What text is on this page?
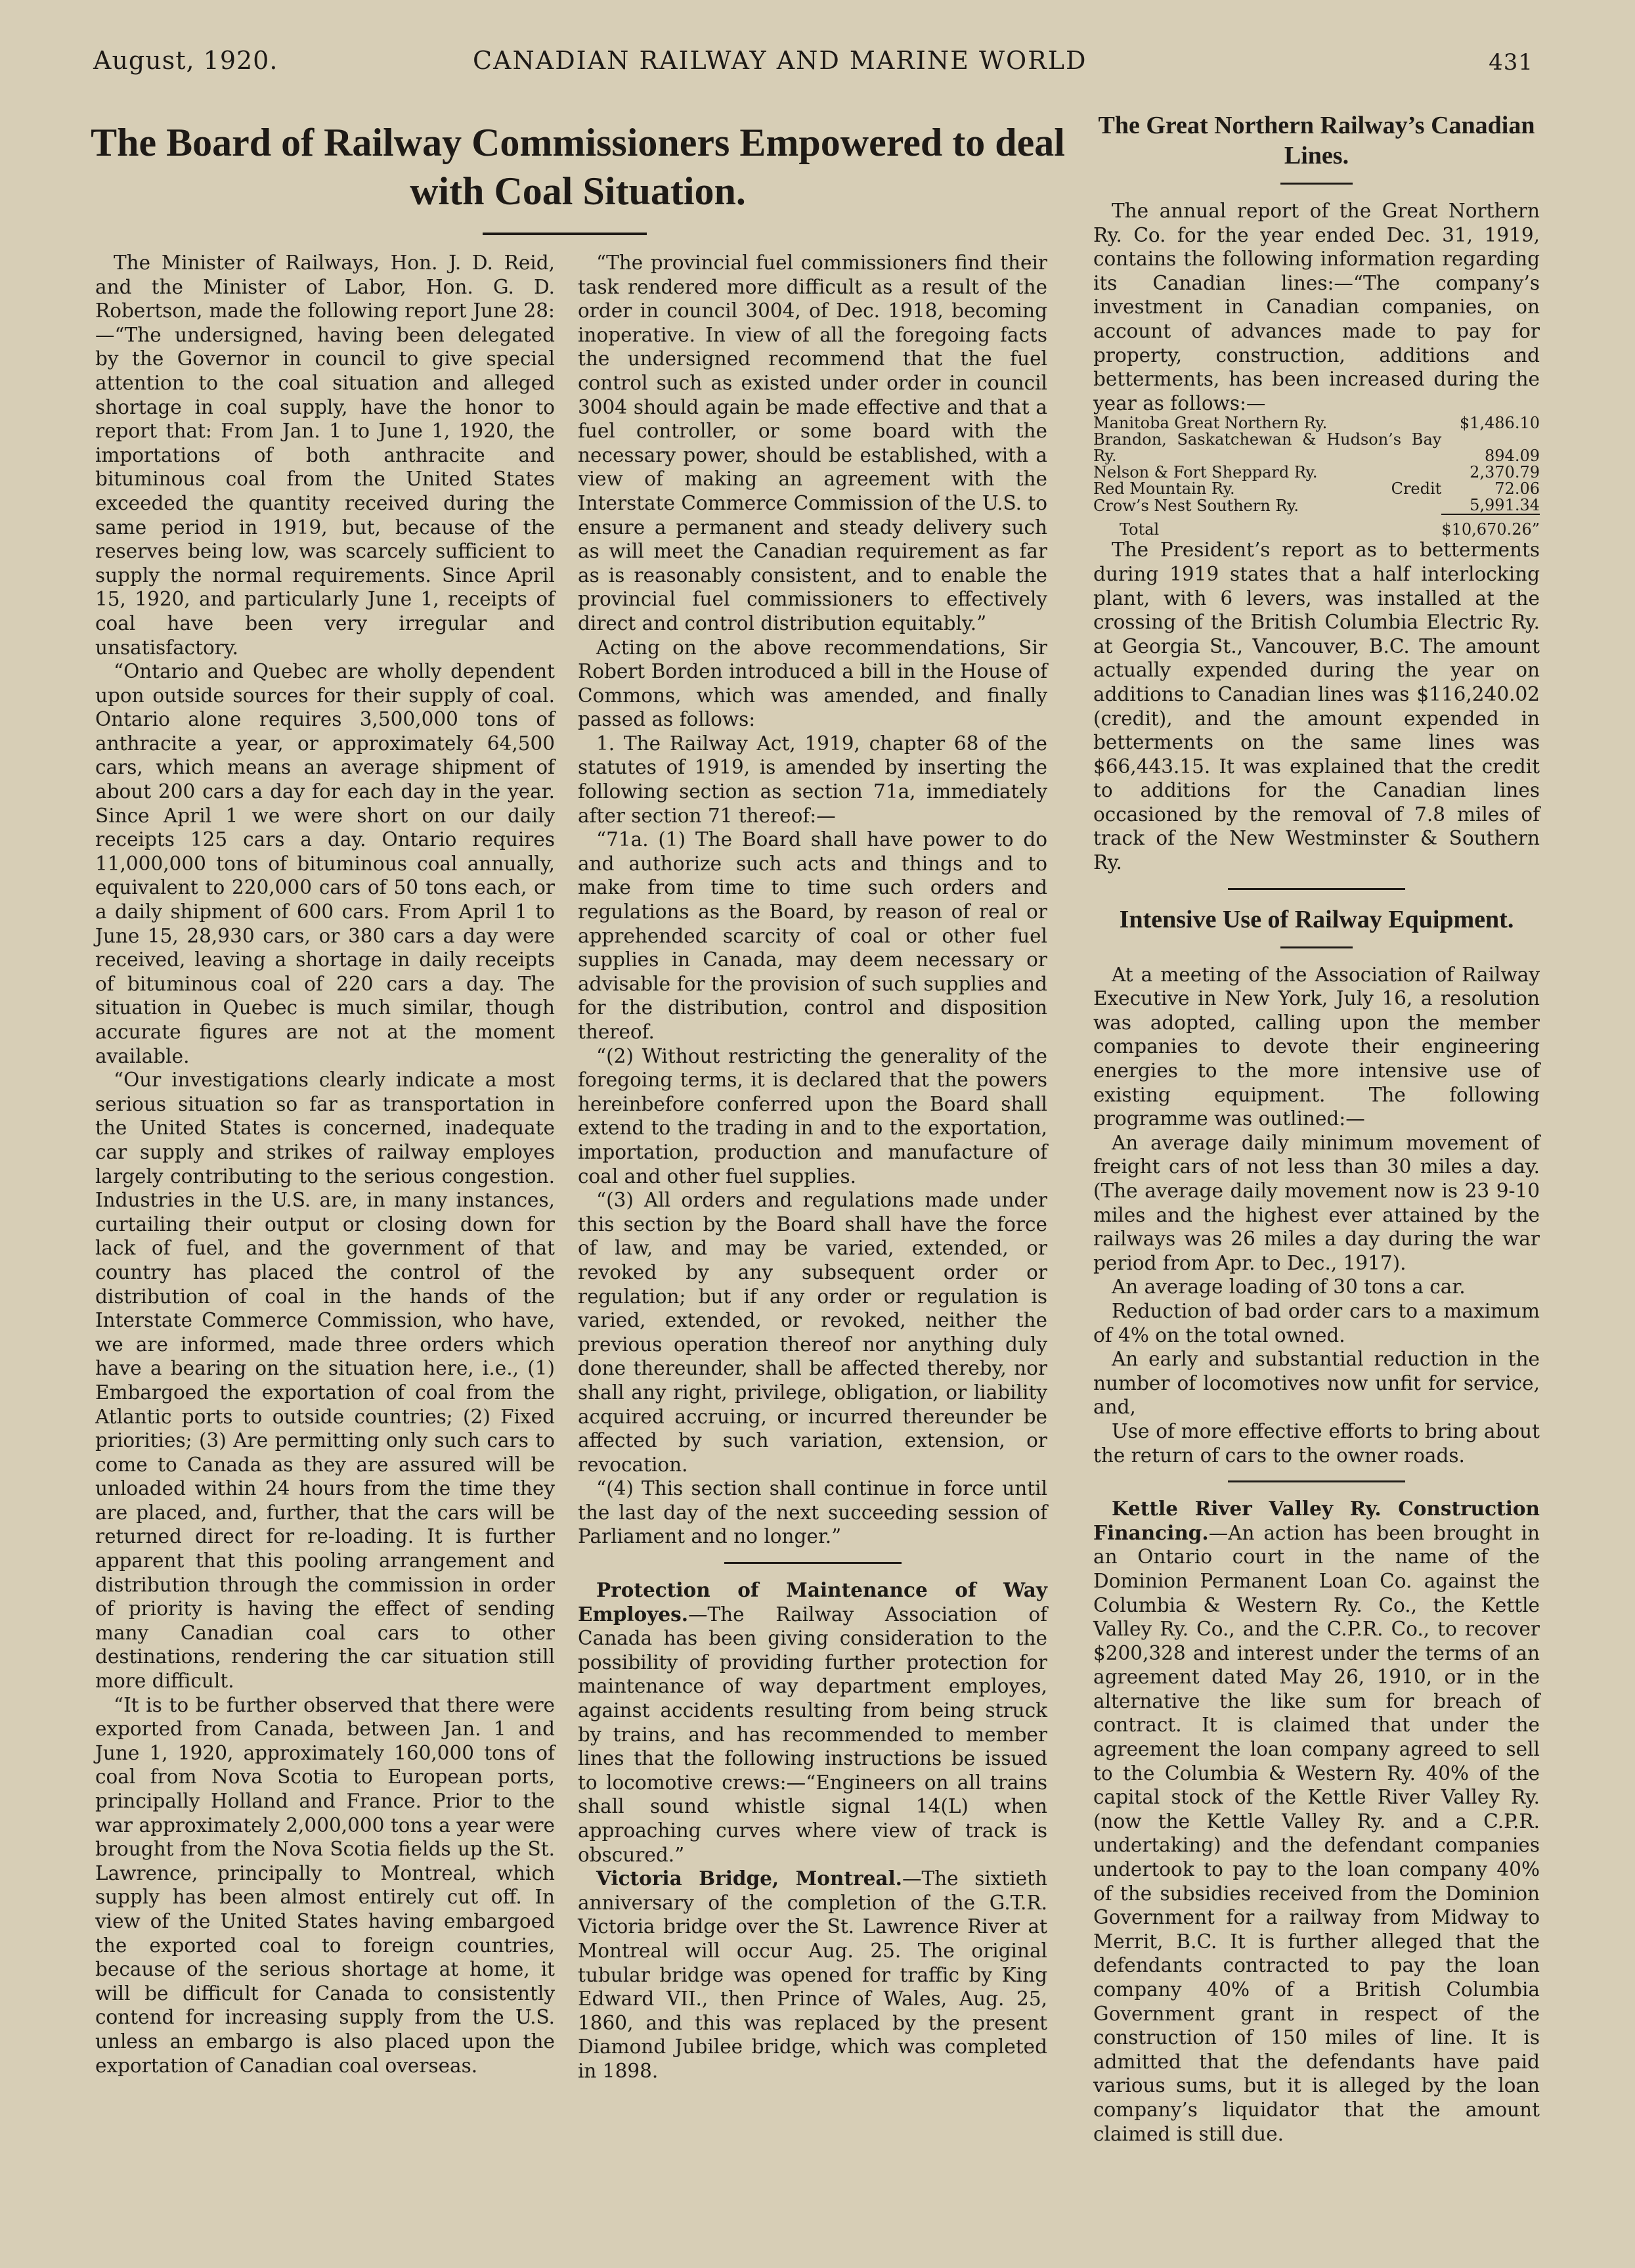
August, 1920.	CANADIAN RAILWAY AND MARINE WORLD	431
The Board of Railway Commissioners Empowered to deal with Coal Situation.

The Minister of Railways, Hon. J. D. Reid, and the Minister of Labor, Hon. G. D. Robertson, made the following report June 28:—“The undersigned, having been delegated by the Governor in council to give special attention to the coal situation and alleged shortage in coal supply, have the honor to report that: From Jan. 1 to June 1, 1920, the importations of both anthracite and bituminous coal from the United States exceeded the quantity received during the same period in 1919, but, because of the reserves being low, was scarcely sufficient to supply the normal requirements. Since April 15, 1920, and particularly June 1, receipts of coal have been very irregular and unsatisfactory.

“Ontario and Quebec are wholly dependent upon outside sources for their supply of coal. Ontario alone requires 3,500,000 tons of anthracite a year, or approximately 64,500 cars, which means an average shipment of about 200 cars a day for each day in the year. Since April 1 we were short on our daily receipts 125 cars a day. Ontario requires 11,000,000 tons of bituminous coal annually, equivalent to 220,000 cars of 50 tons each, or a daily shipment of 600 cars. From April 1 to June 15, 28,930 cars, or 380 cars a day were received, leaving a shortage in daily receipts of bituminous coal of 220 cars a day. The situation in Quebec is much similar, though accurate figures are not at the moment available.

“Our investigations clearly indicate a most serious situation so far as transportation in the United States is concerned, inadequate car supply and strikes of railway employes largely contributing to the serious congestion. Industries in the U.S. are, in many instances, curtailing their output or closing down for lack of fuel, and the government of that country has placed the control of the distribution of coal in the hands of the Interstate Commerce Commission, who have, we are informed, made three orders which have a bearing on the situation here, i.e., (1) Embargoed the exportation of coal from the Atlantic ports to outside countries; (2) Fixed priorities; (3) Are permitting only such cars to come to Canada as they are assured will be unloaded within 24 hours from the time they are placed, and, further, that the cars will be returned direct for re-loading. It is further apparent that this pooling arrangement and distribution through the commission in order of priority is having the effect of sending many Canadian coal cars to other destinations, rendering the car situation still more difficult.

“It is to be further observed that there were exported from Canada, between Jan. 1 and June 1, 1920, approximately 160,000 tons of coal from Nova Scotia to European ports, principally Holland and France. Prior to the war approximately 2,000,000 tons a year were brought from the Nova Scotia fields up the St. Lawrence, principally to Montreal, which supply has been almost entirely cut off. In view of the United States having embargoed the exported coal to foreign countries, because of the serious shortage at home, it will be difficult for Canada to consistently contend for increasing supply from the U.S. unless an embargo is also placed upon the exportation of Canadian coal overseas.

“The provincial fuel commissioners find their task rendered more difficult as a result of the order in council 3004, of Dec. 1918, becoming inoperative. In view of all the foregoing facts the undersigned recommend that the fuel control such as existed under order in council 3004 should again be made effective and that a fuel controller, or some board with the necessary power, should be established, with a view of making an agreement with the Interstate Commerce Commission of the U.S. to ensure a permanent and steady delivery such as will meet the Canadian requirement as far as is reasonably consistent, and to enable the provincial fuel commissioners to effectively direct and control distribution equitably.”

Acting on the above recommendations, Sir Robert Borden introduced a bill in the House of Commons, which was amended, and finally passed as follows:

1. The Railway Act, 1919, chapter 68 of the statutes of 1919, is amended by inserting the following section as section 71a, immediately after section 71 thereof:—

“71a. (1) The Board shall have power to do and authorize such acts and things and to make from time to time such orders and regulations as the Board, by reason of real or apprehended scarcity of coal or other fuel supplies in Canada, may deem necessary or advisable for the provision of such supplies and for the distribution, control and disposition thereof.

“(2) Without restricting the generality of the foregoing terms, it is declared that the powers hereinbefore conferred upon the Board shall extend to the trading in and to the exportation, importation, production and manufacture of coal and other fuel supplies.

“(3) All orders and regulations made under this section by the Board shall have the force of law, and may be varied, extended, or revoked by any subsequent order or regulation; but if any order or regulation is varied, extended, or revoked, neither the previous operation thereof nor anything duly done thereunder, shall be affected thereby, nor shall any right, privilege, obligation, or liability acquired accruing, or incurred thereunder be affected by such variation, extension, or revocation.

“(4) This section shall continue in force until the last day of the next succeeding session of Parliament and no longer.”

Protection of Maintenance of Way Employes.—The Railway Association of Canada has been giving consideration to the possibility of providing further protection for maintenance of way department employes, against accidents resulting from being struck by trains, and has recommended to member lines that the following instructions be issued to locomotive crews:—“Engineers on all trains shall sound whistle signal 14(L) when approaching curves where view of track is obscured.”

Victoria Bridge, Montreal.—The sixtieth anniversary of the completion of the G.T.R. Victoria bridge over the St. Lawrence River at Montreal will occur Aug. 25. The original tubular bridge was opened for traffic by King Edward VII., then Prince of Wales, Aug. 25, 1860, and this was replaced by the present Diamond Jubilee bridge, which was completed in 1898.

The Great Northern Railway’s Canadian Lines.

The annual report of the Great Northern Ry. Co. for the year ended Dec. 31, 1919, contains the following information regarding its Canadian lines:—“The company’s investment in Canadian companies, on account of advances made to pay for property, construction, additions and betterments, has been increased during the year as follows:—

Manitoba Great Northern Ry.	$1,486.10
Brandon, Saskatchewan & Hudson’s Bay Ry.	894.09
Nelson & Fort Sheppard Ry.	2,370.79
Red Mountain Ry. Credit	72.06
Crow’s Nest Southern Ry.	5,991.34
Total	$10,670.26”

The President’s report as to betterments during 1919 states that a half interlocking plant, with 6 levers, was installed at the crossing of the British Columbia Electric Ry. at Georgia St., Vancouver, B.C. The amount actually expended during the year on additions to Canadian lines was $116,240.02 (credit), and the amount expended in betterments on the same lines was $66,443.15. It was explained that the credit to additions for the Canadian lines occasioned by the removal of 7.8 miles of track of the New Westminster & Southern Ry.

Intensive Use of Railway Equipment.

At a meeting of the Association of Railway Executive in New York, July 16, a resolution was adopted, calling upon the member companies to devote their engineering energies to the more intensive use of existing equipment. The following programme was outlined:—

An average daily minimum movement of freight cars of not less than 30 miles a day. (The average daily movement now is 23 9-10 miles and the highest ever attained by the railways was 26 miles a day during the war period from Apr. to Dec., 1917).

An average loading of 30 tons a car.

Reduction of bad order cars to a maximum of 4% on the total owned.

An early and substantial reduction in the number of locomotives now unfit for service, and,

Use of more effective efforts to bring about the return of cars to the owner roads.

Kettle River Valley Ry. Construction Financing.—An action has been brought in an Ontario court in the name of the Dominion Permanent Loan Co. against the Columbia & Western Ry. Co., the Kettle Valley Ry. Co., and the C.P.R. Co., to recover $200,328 and interest under the terms of an agreement dated May 26, 1910, or in the alternative the like sum for breach of contract. It is claimed that under the agreement the loan company agreed to sell to the Columbia & Western Ry. 40% of the capital stock of the Kettle River Valley Ry. (now the Kettle Valley Ry. and a C.P.R. undertaking) and the defendant companies undertook to pay to the loan company 40% of the subsidies received from the Dominion Government for a railway from Midway to Merrit, B.C. It is further alleged that the defendants contracted to pay the loan company 40% of a British Columbia Government grant in respect of the construction of 150 miles of line. It is admitted that the defendants have paid various sums, but it is alleged by the loan company’s liquidator that the amount claimed is still due.
